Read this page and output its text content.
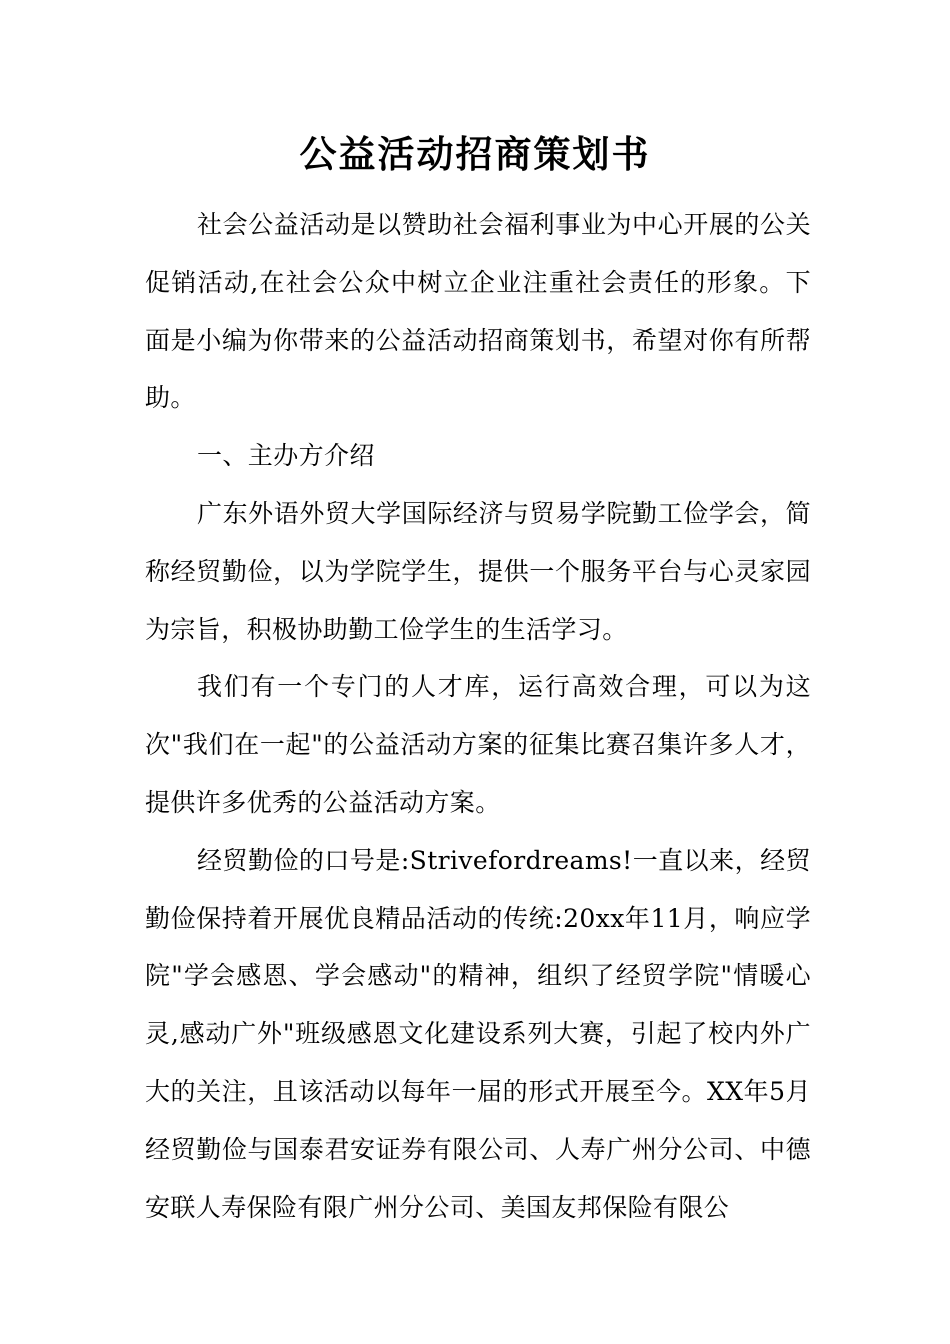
公益活动招商策划书

社会公益活动是以赞助社会福利事业为中心开展的公关促销活动,在社会公众中树立企业注重社会责任的形象。下面是小编为你带来的公益活动招商策划书，希望对你有所帮助。

一、主办方介绍

广东外语外贸大学国际经济与贸易学院勤工俭学会，简称经贸勤俭，以为学院学生，提供一个服务平台与心灵家园为宗旨，积极协助勤工俭学生的生活学习。

我们有一个专门的人才库，运行高效合理，可以为这次"我们在一起"的公益活动方案的征集比赛召集许多人才，提供许多优秀的公益活动方案。

经贸勤俭的口号是:Strivefordreams!一直以来，经贸勤俭保持着开展优良精品活动的传统:20xx年11月，响应学院"学会感恩、学会感动"的精神，组织了经贸学院"情暖心灵,感动广外"班级感恩文化建设系列大赛，引起了校内外广大的关注，且该活动以每年一届的形式开展至今。XX年5月经贸勤俭与国泰君安证券有限公司、人寿广州分公司、中德安联人寿保险有限广州分公司、美国友邦保险有限公
